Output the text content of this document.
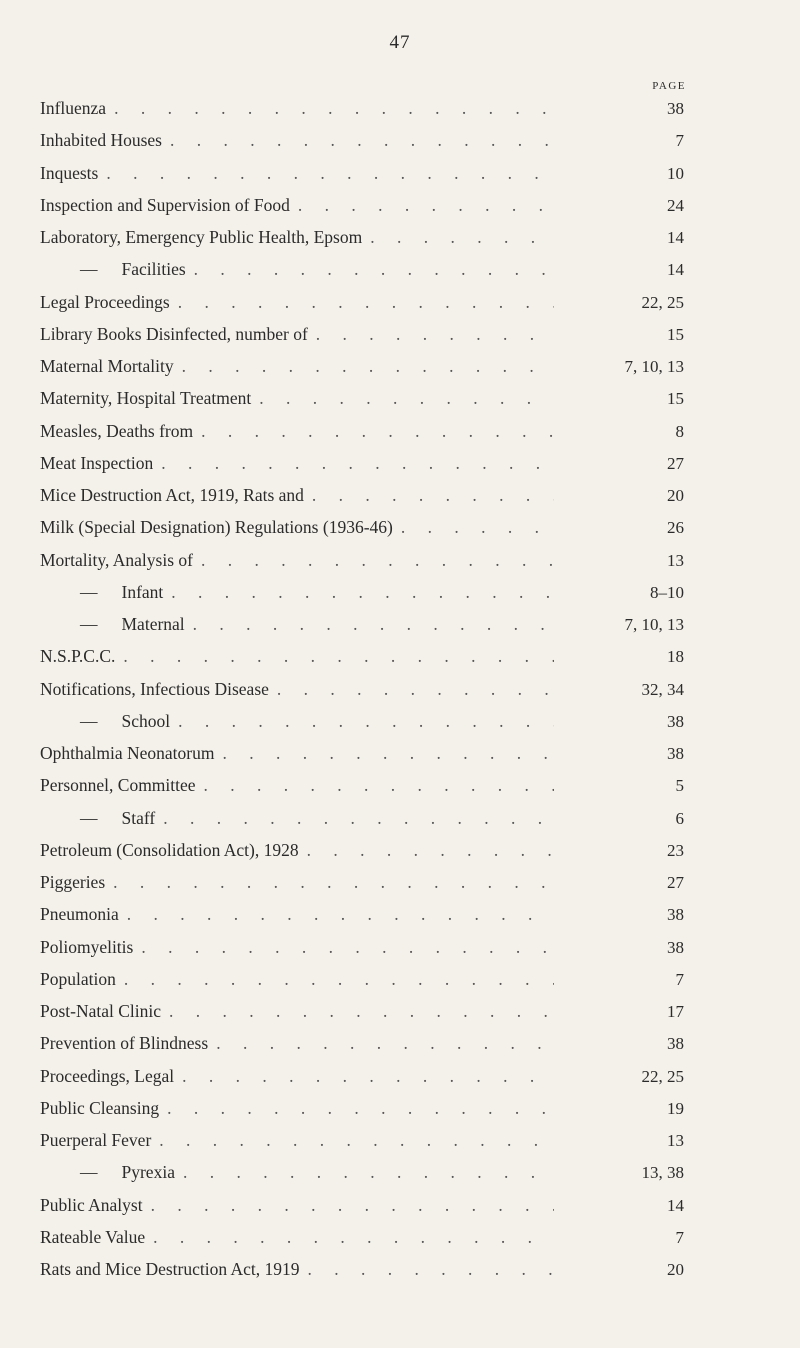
47
PAGE
Influenza . . .	38
Inhabited Houses . . .	7
Inquests . . .	10
Inspection and Supervision of Food . . .	24
Laboratory, Emergency Public Health, Epsom . . .	14
— Facilities . . .	14
Legal Proceedings . . .	22, 25
Library Books Disinfected, number of . . .	15
Maternal Mortality . . .	7, 10, 13
Maternity, Hospital Treatment . . .	15
Measles, Deaths from . . .	8
Meat Inspection . . .	27
Mice Destruction Act, 1919, Rats and . . .	20
Milk (Special Designation) Regulations (1936-46) . . .	26
Mortality, Analysis of . . .	13
— Infant . . .	8–10
— Maternal . . .	7, 10, 13
N.S.P.C.C. . . .	18
Notifications, Infectious Disease . . .	32, 34
— School . . .	38
Ophthalmia Neonatorum . . .	38
Personnel, Committee . . .	5
— Staff . . .	6
Petroleum (Consolidation Act), 1928 . . .	23
Piggeries . . .	27
Pneumonia . . .	38
Poliomyelitis . . .	38
Population . . .	7
Post-Natal Clinic . . .	17
Prevention of Blindness . . .	38
Proceedings, Legal . . .	22, 25
Public Cleansing . . .	19
Puerperal Fever . . .	13
— Pyrexia . . .	13, 38
Public Analyst . . .	14
Rateable Value . . .	7
Rats and Mice Destruction Act, 1919 . . .	20
